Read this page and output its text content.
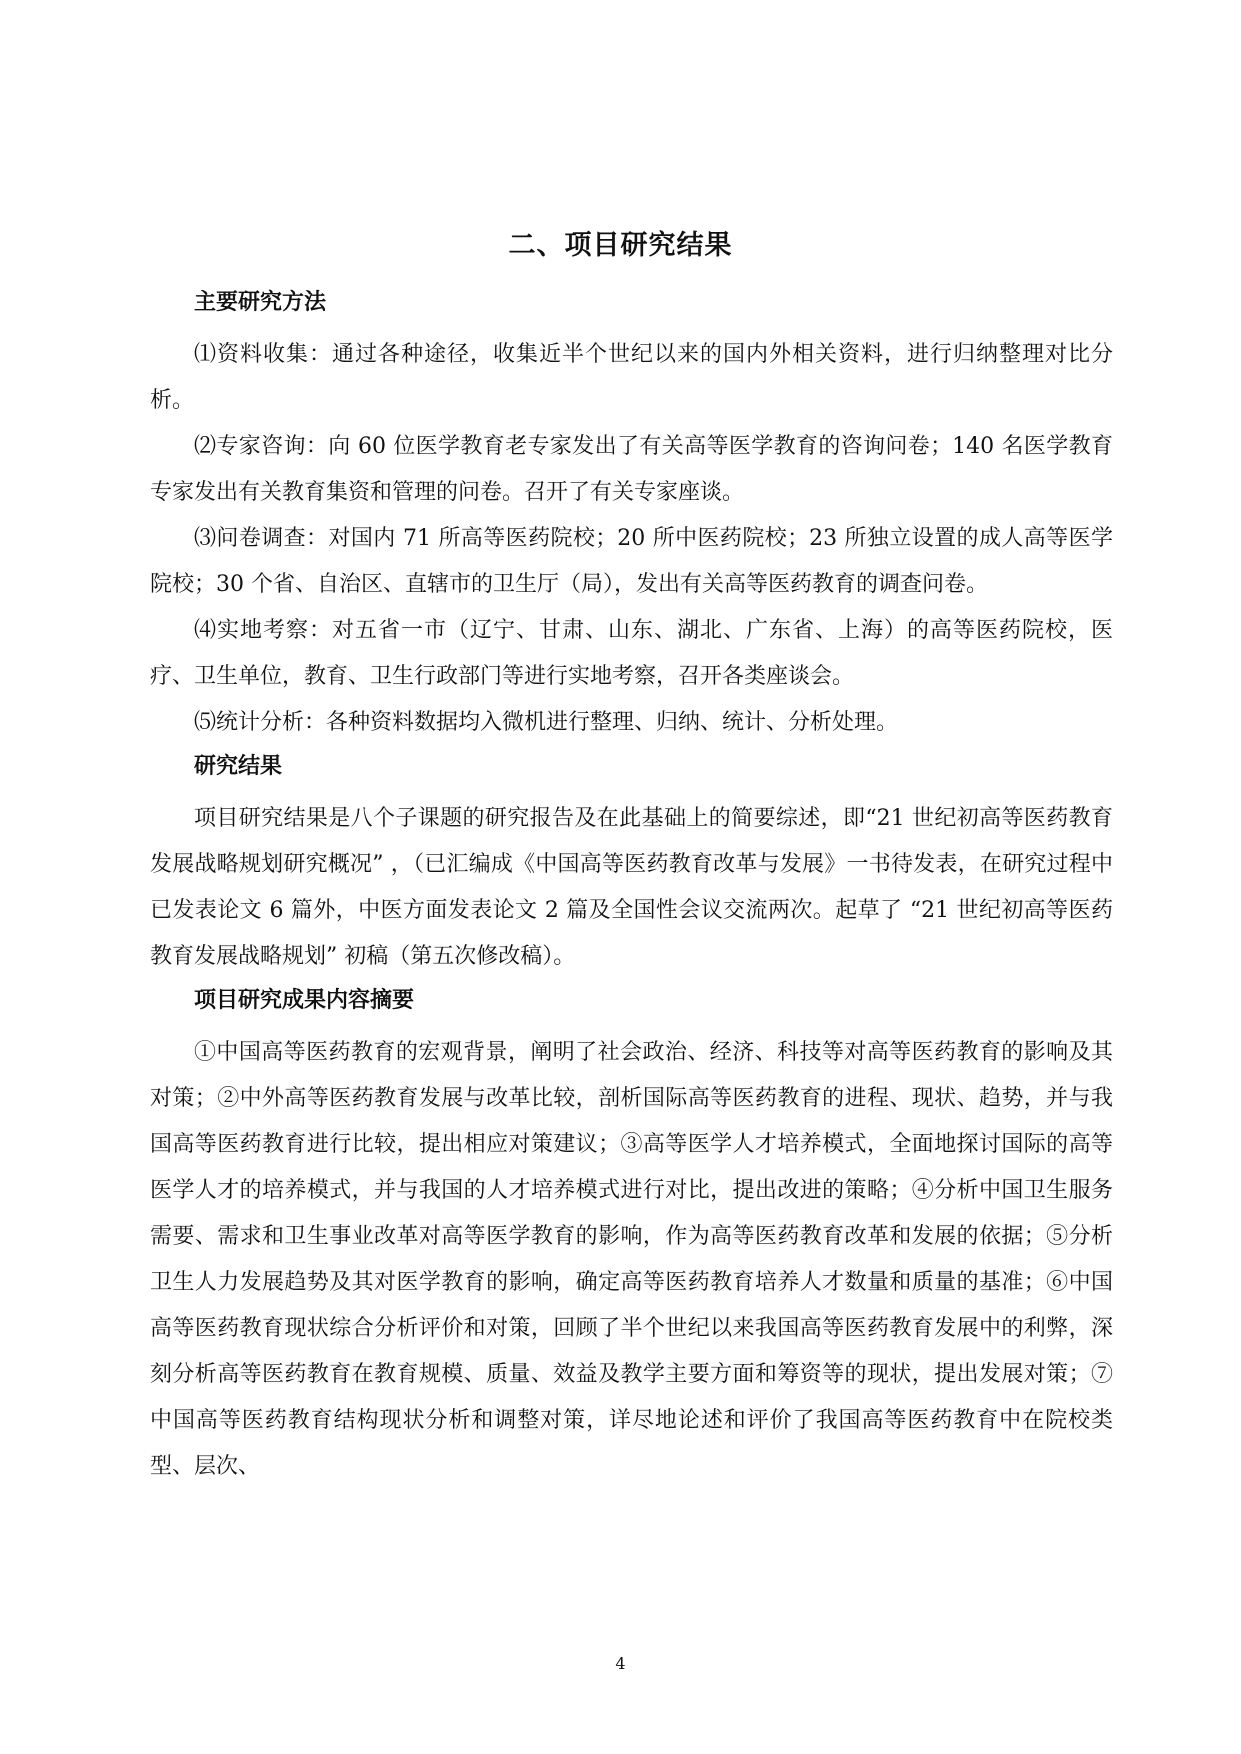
二、项目研究结果
主要研究方法

⑴资料收集：通过各种途径，收集近半个世纪以来的国内外相关资料，进行归纳整理对比分析。

⑵专家咨询：向 60 位医学教育老专家发出了有关高等医学教育的咨询问卷；140 名医学教育专家发出有关教育集资和管理的问卷。召开了有关专家座谈。

⑶问卷调查：对国内 71 所高等医药院校；20 所中医药院校；23 所独立设置的成人高等医学院校；30 个省、自治区、直辖市的卫生厅（局），发出有关高等医药教育的调查问卷。

⑷实地考察：对五省一市（辽宁、甘肃、山东、湖北、广东省、上海）的高等医药院校，医疗、卫生单位，教育、卫生行政部门等进行实地考察，召开各类座谈会。

⑸统计分析：各种资料数据均入微机进行整理、归纳、统计、分析处理。

研究结果

项目研究结果是八个子课题的研究报告及在此基础上的简要综述，即“21 世纪初高等医药教育发展战略规划研究概况” ，（已汇编成《中国高等医药教育改革与发展》一书待发表，在研究过程中已发表论文 6 篇外，中医方面发表论文 2 篇及全国性会议交流两次。起草了 “21 世纪初高等医药教育发展战略规划” 初稿（第五次修改稿）。

项目研究成果内容摘要

①中国高等医药教育的宏观背景，阐明了社会政治、经济、科技等对高等医药教育的影响及其对策；②中外高等医药教育发展与改革比较，剖析国际高等医药教育的进程、现状、趋势，并与我国高等医药教育进行比较，提出相应对策建议；③高等医学人才培养模式，全面地探讨国际的高等医学人才的培养模式，并与我国的人才培养模式进行对比，提出改进的策略；④分析中国卫生服务需要、需求和卫生事业改革对高等医学教育的影响，作为高等医药教育改革和发展的依据；⑤分析卫生人力发展趋势及其对医学教育的影响，确定高等医药教育培养人才数量和质量的基准；⑥中国高等医药教育现状综合分析评价和对策，回顾了半个世纪以来我国高等医药教育发展中的利弊，深刻分析高等医药教育在教育规模、质量、效益及教学主要方面和筹资等的现状，提出发展对策；⑦中国高等医药教育结构现状分析和调整对策，详尽地论述和评价了我国高等医药教育中在院校类型、层次、

4
